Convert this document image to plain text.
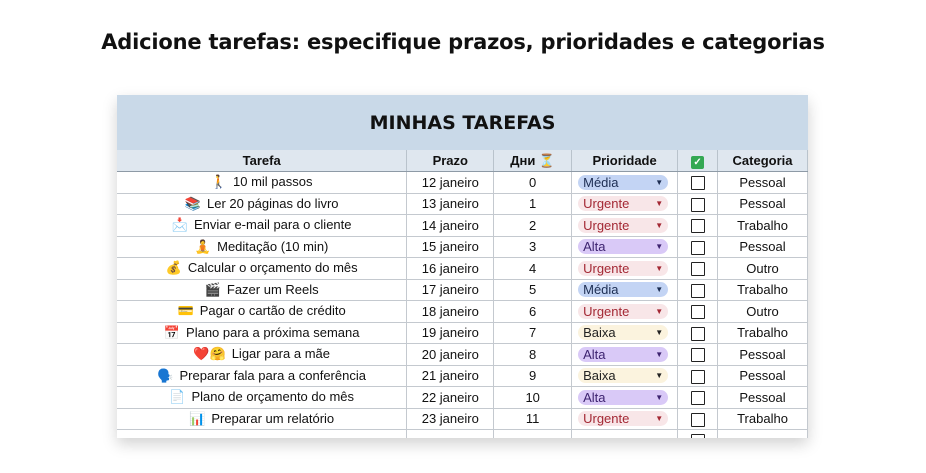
Adicione tarefas: especifique prazos, prioridades e categorias
MINHAS TAREFAS
Tarefa	Prazo	Дни ⏳	Prioridade	✓	Categoria
🚶 10 mil passos	12 janeiro	0	Média ▼		Pessoal
📚 Ler 20 páginas do livro	13 janeiro	1	Urgente ▼		Pessoal
📩 Enviar e-mail para o cliente	14 janeiro	2	Urgente ▼		Trabalho
🧘 Meditação (10 min)	15 janeiro	3	Alta ▼		Pessoal
💰 Calcular o orçamento do mês	16 janeiro	4	Urgente ▼		Outro
🎬 Fazer um Reels	17 janeiro	5	Média ▼		Trabalho
💳 Pagar o cartão de crédito	18 janeiro	6	Urgente ▼		Outro
📅 Plano para a próxima semana	19 janeiro	7	Baixa ▼		Trabalho
❤️🤗 Ligar para a mãe	20 janeiro	8	Alta ▼		Pessoal
🗣️ Preparar fala para a conferência	21 janeiro	9	Baixa ▼		Pessoal
📄 Plano de orçamento do mês	22 janeiro	10	Alta ▼		Pessoal
📊 Preparar um relatório	23 janeiro	11	Urgente ▼		Trabalho
